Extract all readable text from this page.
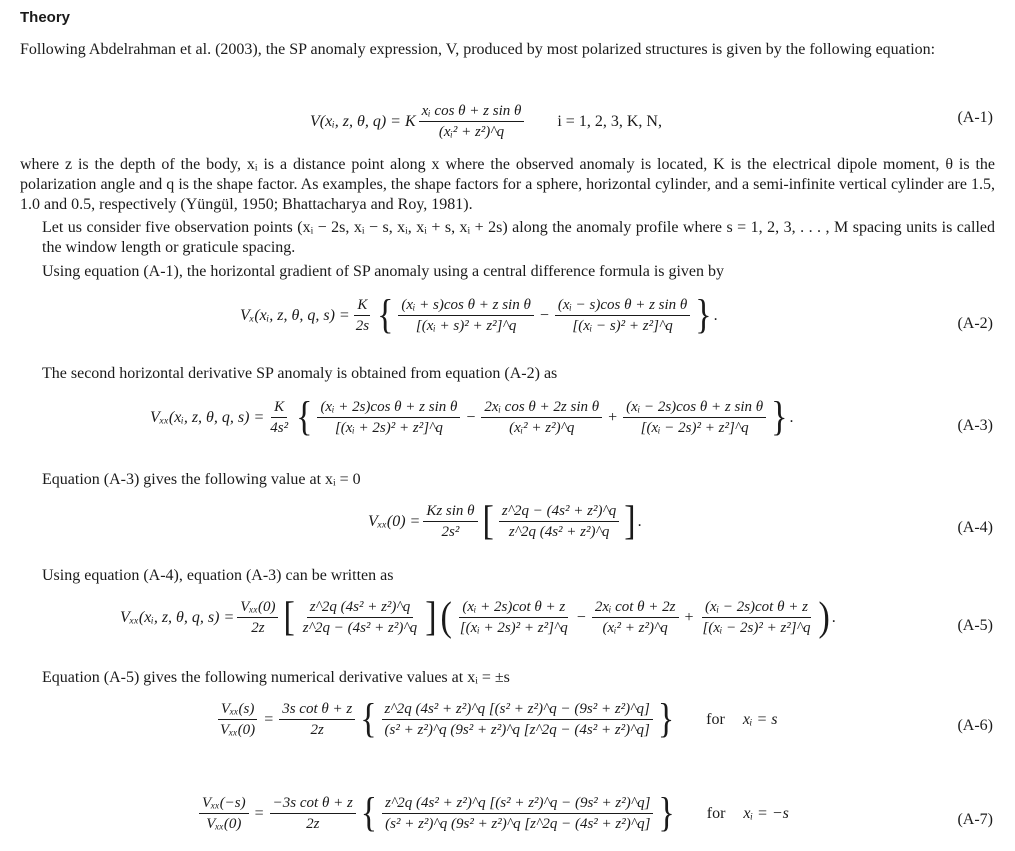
Theory

Following Abdelrahman et al. (2003), the SP anomaly expression, V, produced by most polarized structures is given by the following equation:

V(xᵢ, z, θ, q) = K $\frac{\text{xᵢ cos θ + z sin θ}}{\text{(xᵢ² + z²)\textasciicircum{}q}}$ i = 1, 2, 3, K, N,	(A-1)

where z is the depth of the body, xᵢ is a distance point along x where the observed anomaly is located, K is the electrical dipole moment, θ is the polarization angle and q is the shape factor. As examples, the shape factors for a sphere, horizontal cylinder, and a semi-infinite vertical cylinder are 1.5, 1.0 and 0.5, respectively (Yüngül, 1950; Bhattacharya and Roy, 1981).

Let us consider five observation points (xᵢ − 2s, xᵢ − s, xᵢ, xᵢ + s, xᵢ + 2s) along the anomaly profile where s = 1, 2, 3, . . . , M spacing units is called the window length or graticule spacing.

Using equation (A-1), the horizontal gradient of SP anomaly using a central difference formula is given by

Vₓ(xᵢ, z, θ, q, $s) = \frac{K}{2s}$ { $\frac{\text{(xᵢ + s)cos θ + z sin θ}}{\text{[(xᵢ + s)² + z²]\textasciicircum{}q}} - \frac{\text{(xᵢ − s)cos θ + z sin θ}}{\text{[(xᵢ − s)² + z²]\textasciicircum{}q}}$ } .	(A-2)

The second horizontal derivative SP anomaly is obtained from equation (A-2) as

Vₓₓ(xᵢ, z, θ, q, $s) = \frac{K}{\text{4s²}}$ { $\frac{\text{(xᵢ + 2s)cos θ + z sin θ}}{\text{[(xᵢ + 2s)² + z²]\textasciicircum{}q}} - \frac{\text{2xᵢ cos θ + 2z sin θ}}{\text{(xᵢ² + z²)\textasciicircum{}q}} + \frac{\text{(xᵢ − 2s)cos θ + z sin θ}}{\text{[(xᵢ − 2s)² + z²]\textasciicircum{}q}}$ } .	(A-3)

Equation (A-3) gives the following value at xᵢ = 0

$V_{xx}(0) = \frac{\text{Kz sin θ}}{\text{2s²}}$ [ $\frac{\text{z\textasciicircum{}2q − (4s² + z²)\textasciicircum{}q}}{\text{z\textasciicircum{}2q (4s² + z²)\textasciicircum{}q}}$ ] .	(A-4)

Using equation (A-4), equation (A-3) can be written as

Vₓₓ(xᵢ, z, θ, q, $s) = \frac{\text{Vₓₓ(0)}}{2z}$ [ $\frac{\text{z\textasciicircum{}2q (4s² + z²)\textasciicircum{}q}}{\text{z\textasciicircum{}2q − (4s² + z²)\textasciicircum{}q}}$ ] ( $\frac{\text{(xᵢ + 2s)cot θ + z}}{\text{[(xᵢ + 2s)² + z²]\textasciicircum{}q}} - \frac{\text{2xᵢ cot θ + 2z}}{\text{(xᵢ² + z²)\textasciicircum{}q}} + \frac{\text{(xᵢ − 2s)cot θ + z}}{\text{[(xᵢ − 2s)² + z²]\textasciicircum{}q}}$ ) .	(A-5)

Equation (A-5) gives the following numerical derivative values at xᵢ = ±s

$\frac{\text{Vₓₓ(s)}}{\text{Vₓₓ(0)}} = \frac{\text{3s cot θ + z}}{2z}$ { $\frac{\text{z\textasciicircum{}2q (4s² + z²)\textasciicircum{}q [(s² + z²)\textasciicircum{}q − (9s² + z²)\textasciicircum{}q]}}{\text{(s² + z²)\textasciicircum{}q (9s² + z²)\textasciicircum{}q [z\textasciicircum{}2q − (4s² + z²)\textasciicircum{}q]}}$ } for xᵢ = s	(A-6)
$\frac{\text{Vₓₓ(−s)}}{\text{Vₓₓ(0)}} = \frac{\text{−3s cot θ + z}}{2z}$ { $\frac{\text{z\textasciicircum{}2q (4s² + z²)\textasciicircum{}q [(s² + z²)\textasciicircum{}q − (9s² + z²)\textasciicircum{}q]}}{\text{(s² + z²)\textasciicircum{}q (9s² + z²)\textasciicircum{}q [z\textasciicircum{}2q − (4s² + z²)\textasciicircum{}q]}}$ } for xᵢ = −s	(A-7)
